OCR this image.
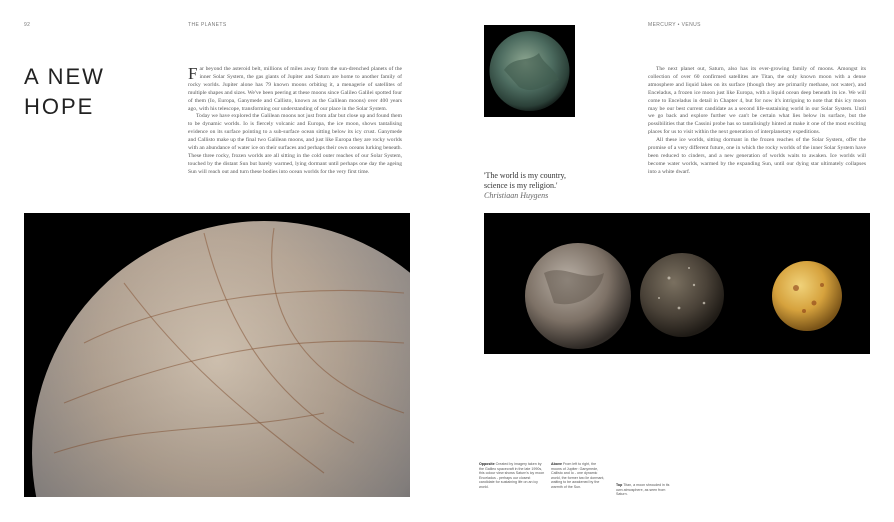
92	THE PLANETS
A NEW
HOPE

Far beyond the asteroid belt, millions of miles away from the sun-drenched planets of the inner Solar System, the gas giants of Jupiter and Saturn are home to another family of rocky worlds. Jupiter alone has 79 known moons orbiting it, a menagerie of satellites of multiple shapes and sizes. We've been peering at these moons since Galileo Galilei spotted four of them (Io, Europa, Ganymede and Callisto, known as the Galilean moons) over 400 years ago, with his telescope, transforming our understanding of our place in the Solar System.

Today we have explored the Galilean moons not just from afar but close up and found them to be dynamic worlds. Io is fiercely volcanic and Europa, the ice moon, shows tantalising evidence on its surface pointing to a sub-surface ocean sitting below its icy crust. Ganymede and Callisto make up the final two Galilean moons, and just like Europa they are rocky worlds with an abundance of water ice on their surfaces and perhaps their own oceans lurking beneath. These three rocky, frozen worlds are all sitting in the cold outer reaches of our Solar System, touched by the distant Sun but barely warmed, lying dormant until perhaps one day the ageing Sun will reach out and turn these bodies into ocean worlds for the very first time.

Opposite Created by imagery taken by the Galileo spacecraft in the late 1990s, this colour view shows Saturn's icy moon Enceladus - perhaps our closest candidate for sustaining life on an icy world.
MERCURY • VENUS
'The world is my country, science is my religion.'
Christiaan Huygens

The next planet out, Saturn, also has its ever-growing family of moons. Amongst its collection of over 60 confirmed satellites are Titan, the only known moon with a dense atmosphere and liquid lakes on its surface (though they are primarily methane, not water), and Enceladus, a frozen ice moon just like Europa, with a liquid ocean deep beneath its ice. We will come to Enceladus in detail in Chapter 4, but for now it's intriguing to note that this icy moon may be our best current candidate as a second life-sustaining world in our Solar System. Until we go back and explore further we can't be certain what lies below its surface, but the possibilities that the Cassini probe has so tantalisingly hinted at make it one of the most exciting places for us to visit within the next generation of interplanetary expeditions.

All these ice worlds, sitting dormant in the frozen reaches of the Solar System, offer the promise of a very different future, one in which the rocky worlds of the inner Solar System have been reduced to cinders, and a new generation of worlds waits to awaken. Ice worlds will become water worlds, warmed by the expanding Sun, until our dying star ultimately collapses into a white dwarf.

Above From left to right, the moons of Jupiter: Ganymede, Callisto and Io - one dynamic world, the former two lie dormant, waiting to be awakened by the warmth of the Sun.	Top Titan, a moon shrouded in its own atmosphere, as seen from Saturn.
